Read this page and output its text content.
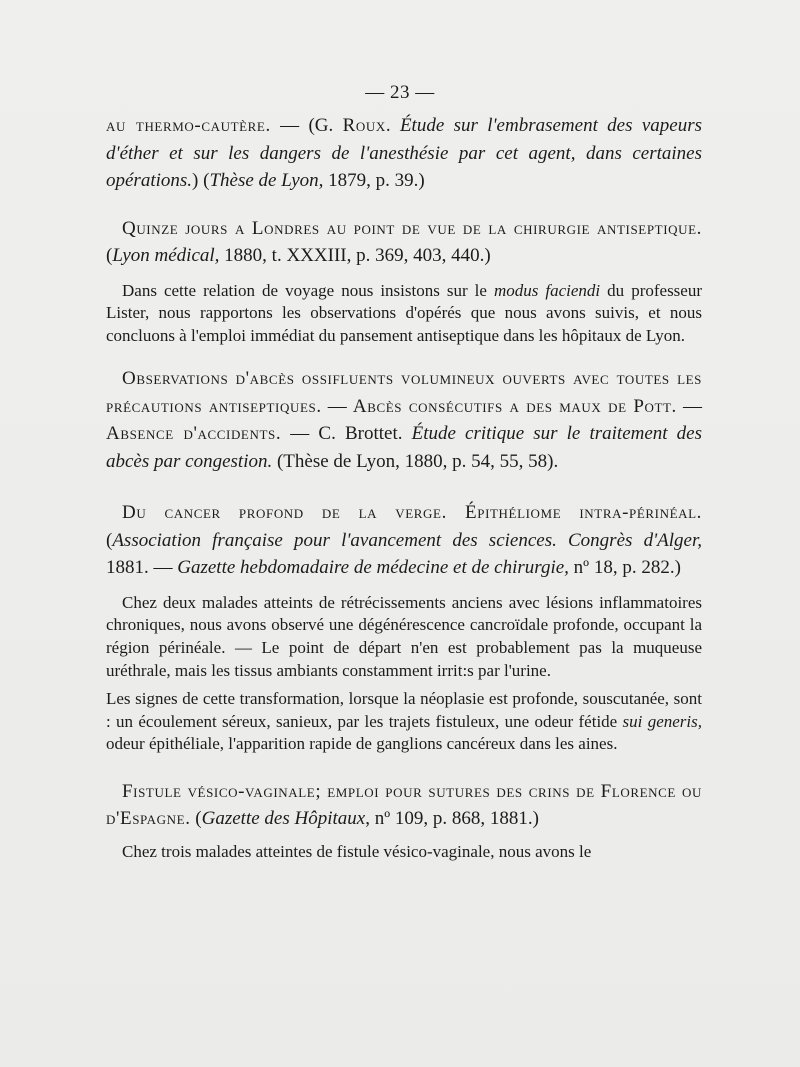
— 23 —

au thermo-cautère. — (G. Roux. Étude sur l'embrasement des vapeurs d'éther et sur les dangers de l'anesthésie par cet agent, dans certaines opérations.) (Thèse de Lyon, 1879, p. 39.)

Quinze jours a Londres au point de vue de la chirurgie antiseptique. (Lyon médical, 1880, t. XXXIII, p. 369, 403, 440.)

Dans cette relation de voyage nous insistons sur le modus faciendi du professeur Lister, nous rapportons les observations d'opérés que nous avons suivis, et nous concluons à l'emploi immédiat du pansement antiseptique dans les hôpitaux de Lyon.

Observations d'abcès ossifluents volumineux ouverts avec toutes les précautions antiseptiques. — Abcès consécutifs a des maux de Pott. — Absence d'accidents. — C. Brottet. Étude critique sur le traitement des abcès par congestion. (Thèse de Lyon, 1880, p. 54, 55, 58).

Du cancer profond de la verge. Épithéliome intra-périnéal. (Association française pour l'avancement des sciences. Congrès d'Alger, 1881. — Gazette hebdomadaire de médecine et de chirurgie, nº 18, p. 282.)

Chez deux malades atteints de rétrécissements anciens avec lésions inflammatoires chroniques, nous avons observé une dégénérescence cancroïdale profonde, occupant la région périnéale. — Le point de départ n'en est probablement pas la muqueuse uréthrale, mais les tissus ambiants constamment irrit:s par l'urine.

Les signes de cette transformation, lorsque la néoplasie est profonde, souscutanée, sont : un écoulement séreux, sanieux, par les trajets fistuleux, une odeur fétide sui generis, odeur épithéliale, l'apparition rapide de ganglions cancéreux dans les aines.

Fistule vésico-vaginale; emploi pour sutures des crins de Florence ou d'Espagne. (Gazette des Hôpitaux, nº 109, p. 868, 1881.)

Chez trois malades atteintes de fistule vésico-vaginale, nous avons le
